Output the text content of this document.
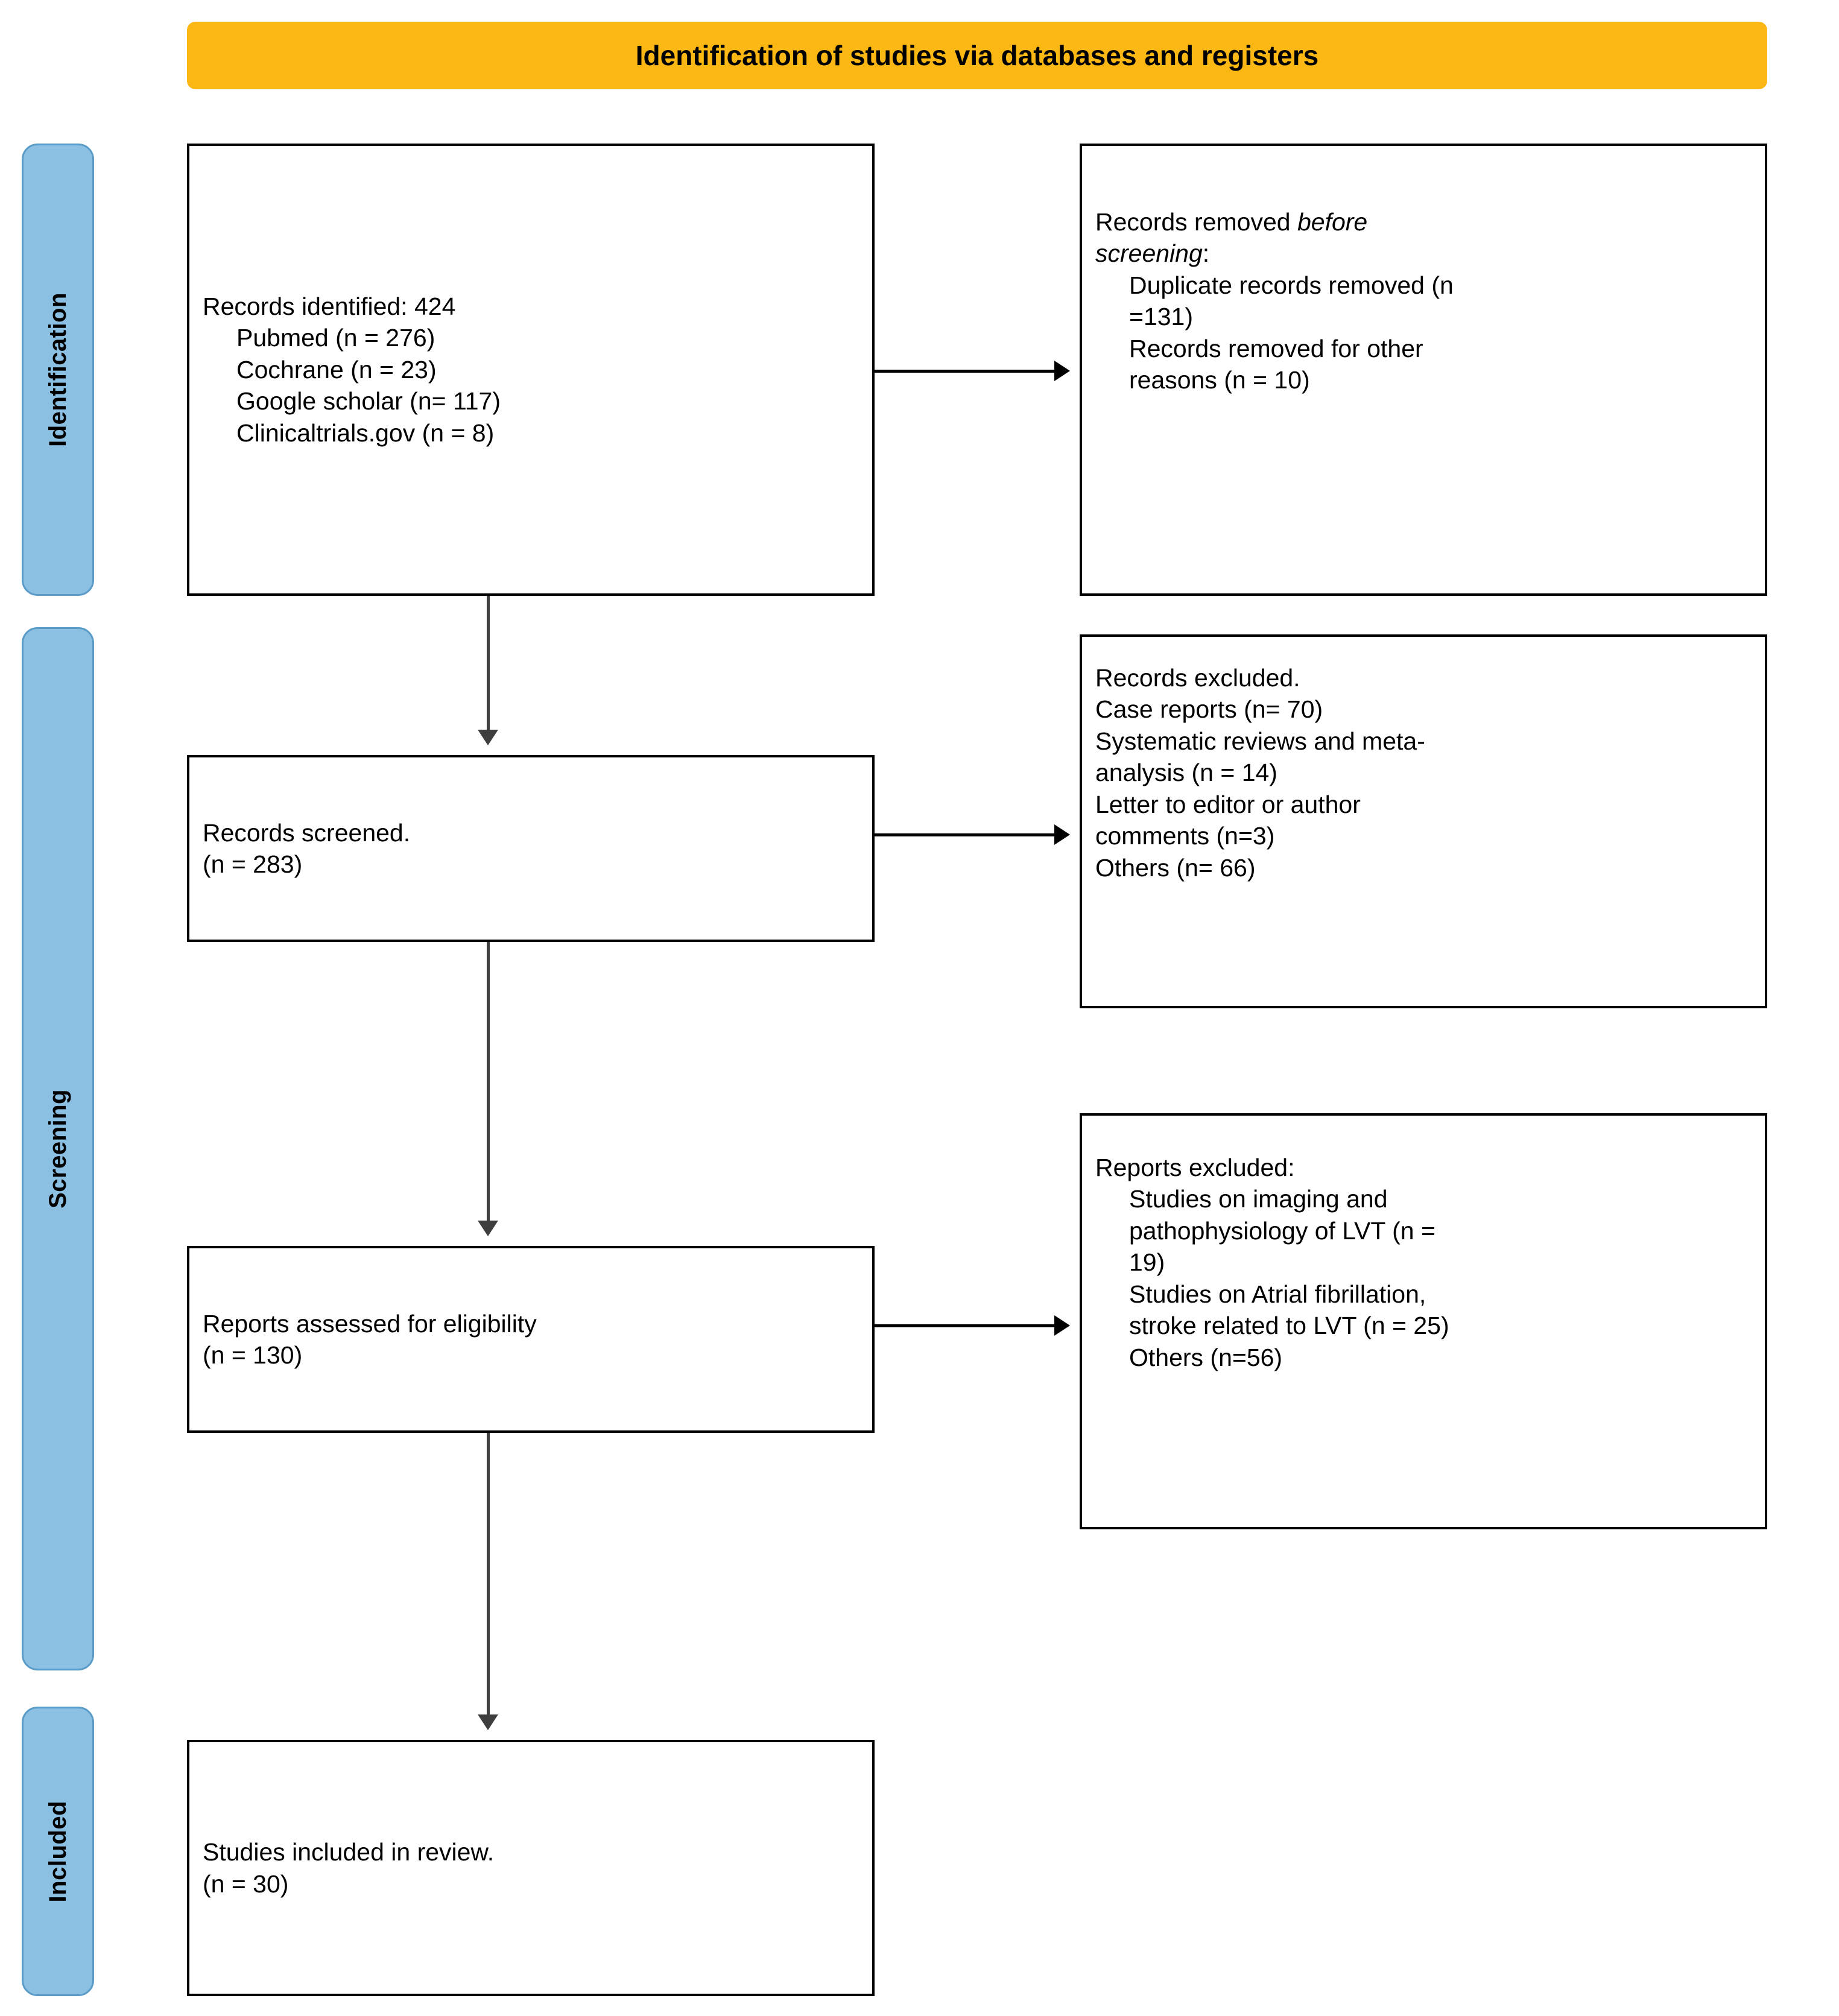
Identification of studies via databases and registers
Identification
Screening
Included
Records identified: 424
Pubmed (n = 276)
Cochrane (n = 23)
Google scholar (n= 117)
Clinicaltrials.gov (n = 8)
Records removed before
screening:
Duplicate records removed (n
=131)
Records removed for other
reasons (n = 10)
Records screened.
(n = 283)
Records excluded.
Case reports (n= 70)
Systematic reviews and meta-
analysis (n = 14)
Letter to editor or author
comments (n=3)
Others (n= 66)
Reports assessed for eligibility
(n = 130)
Reports excluded:
Studies on imaging and
pathophysiology of LVT (n =
19)
Studies on Atrial fibrillation,
stroke related to LVT (n = 25)
Others (n=56)
Studies included in review.
(n = 30)
